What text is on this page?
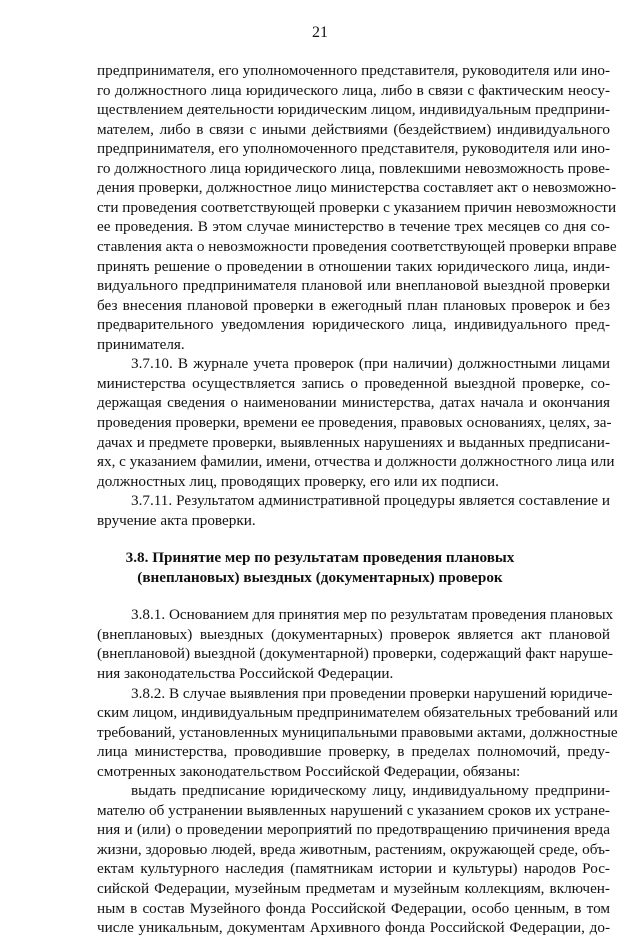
21
предпринимателя, его уполномоченного представителя, руководителя или ино-
го должностного лица юридического лица, либо в связи с фактическим неосу-
ществлением деятельности юридическим лицом, индивидуальным предприни-
мателем, либо в связи с иными действиями (бездействием) индивидуального
предпринимателя, его уполномоченного представителя, руководителя или ино-
го должностного лица юридического лица, повлекшими невозможность прове-
дения проверки, должностное лицо министерства составляет акт о невозможно-
сти проведения соответствующей проверки с указанием причин невозможности
ее проведения. В этом случае министерство в течение трех месяцев со дня со-
ставления акта о невозможности проведения соответствующей проверки вправе
принять решение о проведении в отношении таких юридического лица, инди-
видуального предпринимателя плановой или внеплановой выездной проверки
без внесения плановой проверки в ежегодный план плановых проверок и без
предварительного уведомления юридического лица, индивидуального пред-
принимателя.
3.7.10. В журнале учета проверок (при наличии) должностными лицами
министерства осуществляется запись о проведенной выездной проверке, со-
держащая сведения о наименовании министерства, датах начала и окончания
проведения проверки, времени ее проведения, правовых основаниях, целях, за-
дачах и предмете проверки, выявленных нарушениях и выданных предписани-
ях, с указанием фамилии, имени, отчества и должности должностного лица или
должностных лиц, проводящих проверку, его или их подписи.
3.7.11. Результатом административной процедуры является составление и
вручение акта проверки.
3.8. Принятие мер по результатам проведения плановых
(внеплановых) выездных (документарных) проверок
3.8.1. Основанием для принятия мер по результатам проведения плановых
(внеплановых) выездных (документарных) проверок является акт плановой
(внеплановой) выездной (документарной) проверки, содержащий факт наруше-
ния законодательства Российской Федерации.
3.8.2. В случае выявления при проведении проверки нарушений юридиче-
ским лицом, индивидуальным предпринимателем обязательных требований или
требований, установленных муниципальными правовыми актами, должностные
лица министерства, проводившие проверку, в пределах полномочий, преду-
смотренных законодательством Российской Федерации, обязаны:
выдать предписание юридическому лицу, индивидуальному предприни-
мателю об устранении выявленных нарушений с указанием сроков их устране-
ния и (или) о проведении мероприятий по предотвращению причинения вреда
жизни, здоровью людей, вреда животным, растениям, окружающей среде, объ-
ектам культурного наследия (памятникам истории и культуры) народов Рос-
сийской Федерации, музейным предметам и музейным коллекциям, включен-
ным в состав Музейного фонда Российской Федерации, особо ценным, в том
числе уникальным, документам Архивного фонда Российской Федерации, до-
